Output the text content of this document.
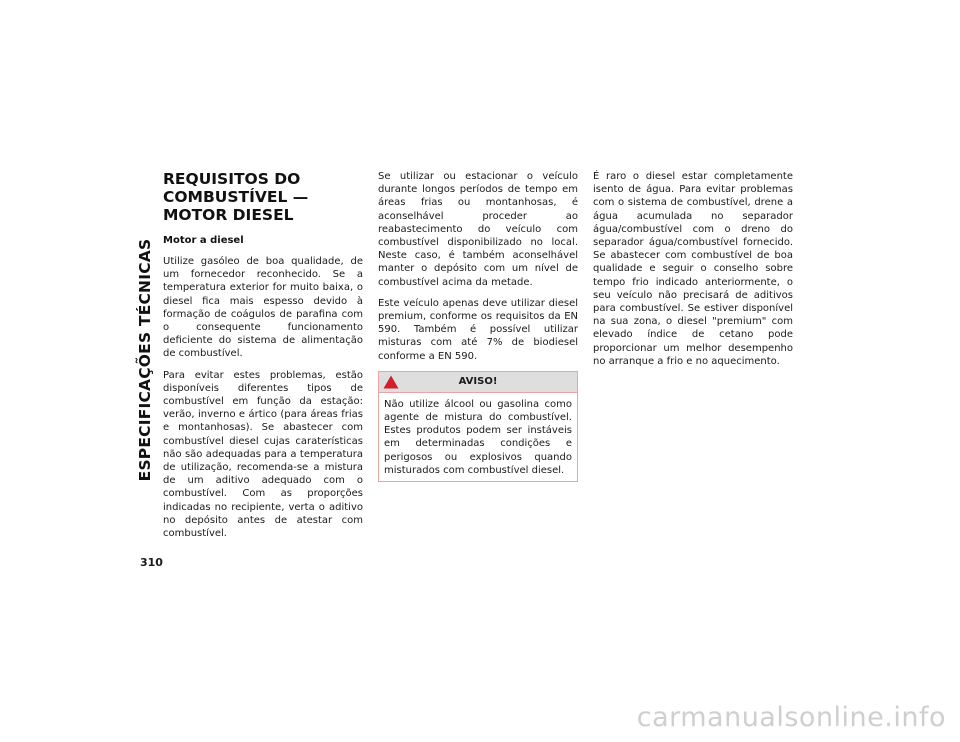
ESPECIFICAÇÕES TÉCNICAS
310
REQUISITOS DO COMBUSTÍVEL — MOTOR DIESEL
Motor a diesel

Utilize gasóleo de boa qualidade, de um fornecedor reconhecido. Se a temperatura exterior for muito baixa, o diesel fica mais espesso devido à formação de coágulos de parafina com o consequente funcionamento deficiente do sistema de alimentação de combustível.

Para evitar estes problemas, estão disponíveis diferentes tipos de combustível em função da estação: verão, inverno e ártico (para áreas frias e montanhosas). Se abastecer com combustível diesel cujas caraterísticas não são adequadas para a temperatura de utilização, recomenda-se a mistura de um aditivo adequado com o combustível. Com as proporções indicadas no recipiente, verta o aditivo no depósito antes de atestar com combustível.

Se utilizar ou estacionar o veículo durante longos períodos de tempo em áreas frias ou montanhosas, é aconselhável proceder ao reabastecimento do veículo com combustível disponibilizado no local. Neste caso, é também aconselhável manter o depósito com um nível de combustível acima da metade.

Este veículo apenas deve utilizar diesel premium, conforme os requisitos da EN 590. Também é possível utilizar misturas com até 7% de biodiesel conforme a EN 590.

AVISO!

Não utilize álcool ou gasolina como agente de mistura do combustível. Estes produtos podem ser instáveis em determinadas condições e perigosos ou explosivos quando misturados com combustível diesel.

É raro o diesel estar completamente isento de água. Para evitar problemas com o sistema de combustível, drene a água acumulada no separador água/combustível com o dreno do separador água/combustível fornecido. Se abastecer com combustível de boa qualidade e seguir o conselho sobre tempo frio indicado anteriormente, o seu veículo não precisará de aditivos para combustível. Se estiver disponível na sua zona, o diesel "premium" com elevado índice de cetano pode proporcionar um melhor desempenho no arranque a frio e no aquecimento.

carmanualsonline.info
